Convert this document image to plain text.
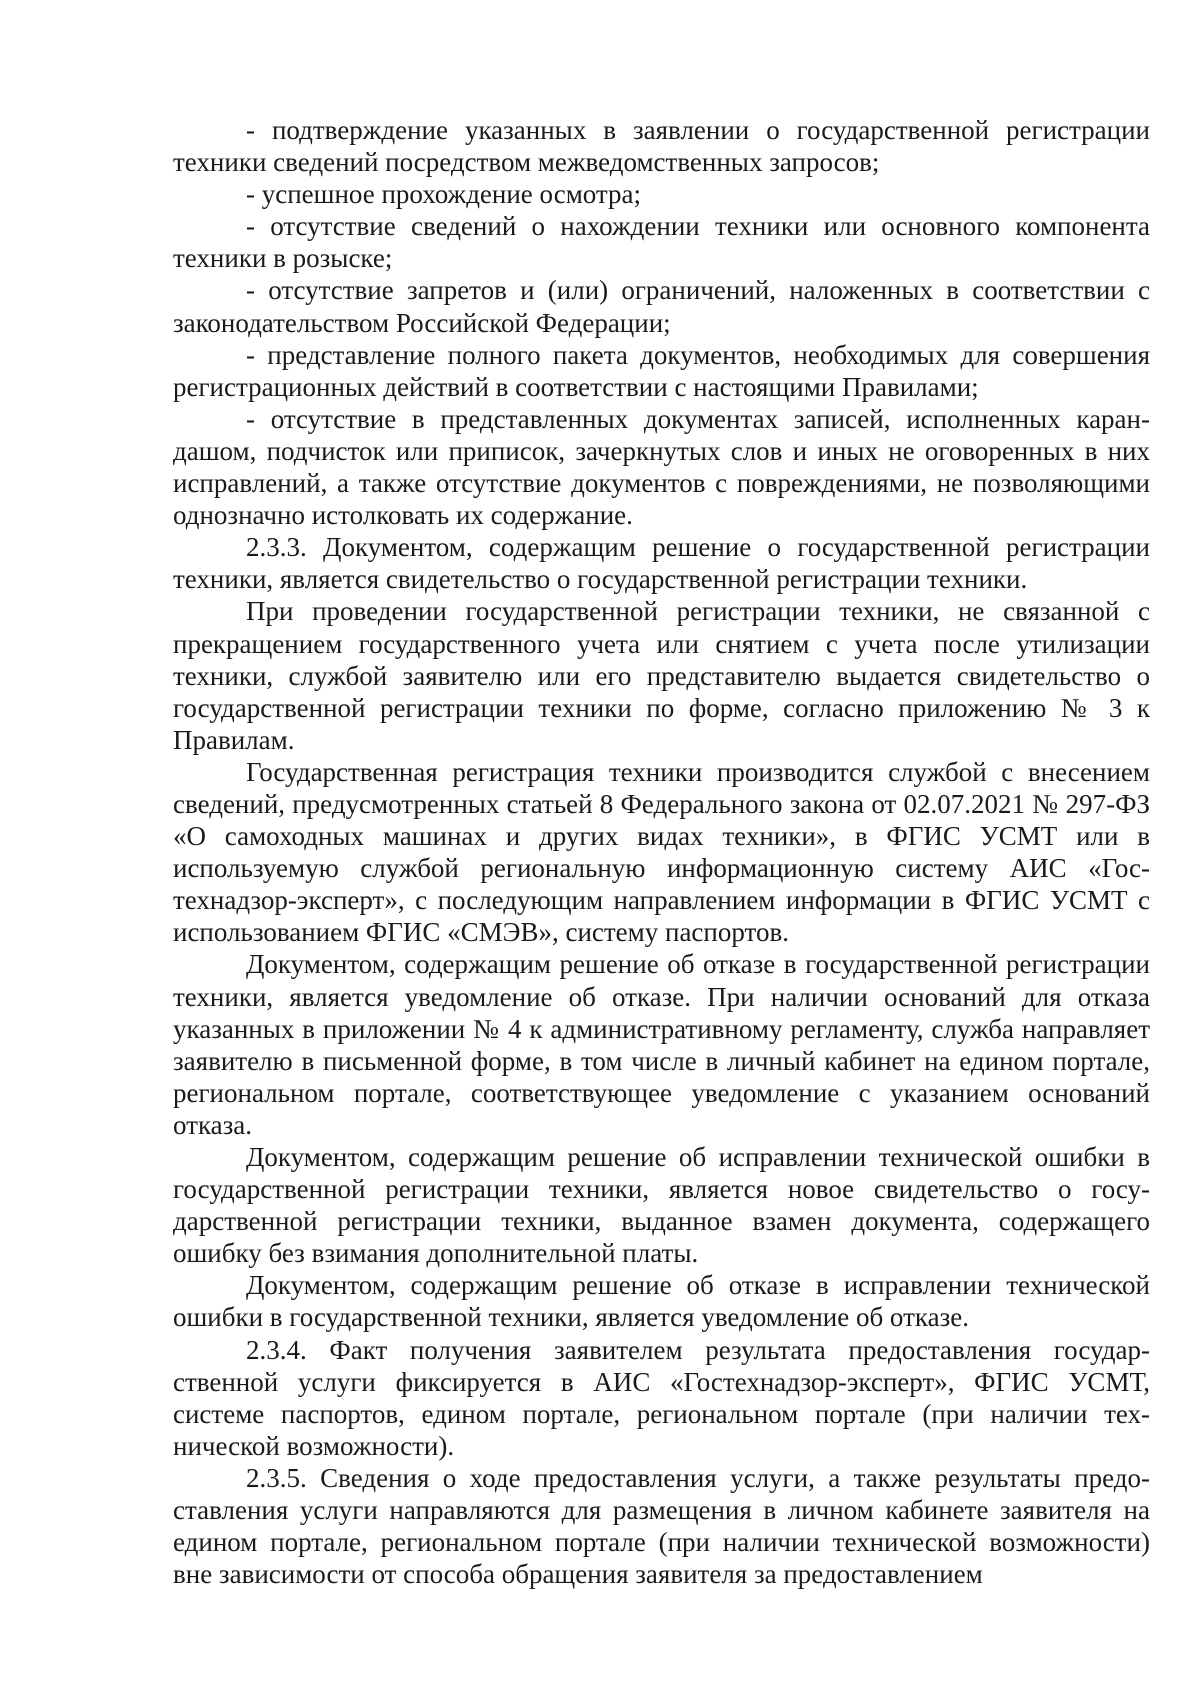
- подтверждение указанных в заявлении о государственной регистрации техники сведений посредством межведомственных запросов;

- успешное прохождение осмотра;

- отсутствие сведений о нахождении техники или основного компонента техники в розыске;

- отсутствие запретов и (или) ограничений, наложенных в соответствии с законодательством Российской Федерации;

- представление полного пакета документов, необходимых для совершения регистрационных действий в соответствии с настоящими Правилами;

- отсутствие в представленных документах записей, исполненных карандашом, подчисток или приписок, зачеркнутых слов и иных не оговоренных в них исправлений, а также отсутствие документов с повреждениями, не позволяющими однозначно истолковать их содержание.

2.3.3. Документом, содержащим решение о государственной регистрации техники, является свидетельство о государственной регистрации техники.

При проведении государственной регистрации техники, не связанной с прекращением государственного учета или снятием с учета после утилизации техники, службой заявителю или его представителю выдается свидетельство о государственной регистрации техники по форме, согласно приложению № 3 к Правилам.

Государственная регистрация техники производится службой с внесением сведений, предусмотренных статьей 8 Федерального закона от 02.07.2021 № 297-ФЗ «О самоходных машинах и других видах техники», в ФГИС УСМТ или в используемую службой региональную информационную систему АИС «Гостехнадзор-эксперт», с последующим направлением информации в ФГИС УСМТ с использованием ФГИС «СМЭВ», систему паспортов.

Документом, содержащим решение об отказе в государственной регистрации техники, является уведомление об отказе. При наличии оснований для отказа указанных в приложении № 4 к административному регламенту, служба направляет заявителю в письменной форме, в том числе в личный кабинет на едином портале, региональном портале, соответствующее уведомление с указанием оснований отказа.

Документом, содержащим решение об исправлении технической ошибки в государственной регистрации техники, является новое свидетельство о государственной регистрации техники, выданное взамен документа, содержащего ошибку без взимания дополнительной платы.

Документом, содержащим решение об отказе в исправлении технической ошибки в государственной техники, является уведомление об отказе.

2.3.4. Факт получения заявителем результата предоставления государственной услуги фиксируется в АИС «Гостехнадзор-эксперт», ФГИС УСМТ, системе паспортов, едином портале, региональном портале (при наличии технической возможности).

2.3.5. Сведения о ходе предоставления услуги, а также результаты предоставления услуги направляются для размещения в личном кабинете заявителя на едином портале, региональном портале (при наличии технической возможности) вне зависимости от способа обращения заявителя за предоставлением
